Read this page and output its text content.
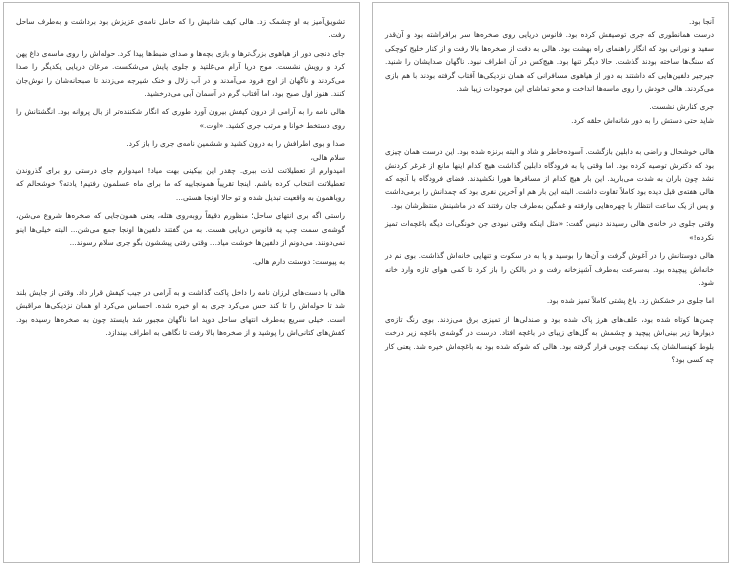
تشویق‌آمیز به او چشمک زد. هالی کیف شانیش را که حامل نامه‌ی عزیزش بود برداشت و به‌طرف ساحل رفت.

جای دنجی دور از هیاهوی بزرگ‌ترها و بازی بچه‌ها و صدای ضبط‌ها پیدا کرد. حوله‌اش را روی ماسه‌ی داغ پهن کرد و رویش نشست. موج دریا آرام می‌غلتید و جلوی پایش می‌شکست. مرغان دریایی یکدیگر را صدا می‌کردند و ناگهان از اوج فرود می‌آمدند و در آب زلال و خنک شیرجه می‌زدند تا صبحانه‌شان را نوش‌جان کنند. هنوز اول صبح بود، اما آفتاب گرم در آسمان آبی می‌درخشید.

هالی نامه را به آرامی از درون کیفش بیرون آورد طوری که انگار شکننده‌تر از بال پروانه بود. انگشتانش را روی دستخط خوانا و مرتب جری کشید. «اوت.»

صدا و بوی اطرافش را به درون کشید و ششمین نامه‌ی جری را باز کرد.

سلام هالی،

امیدوارم از تعطیلاتت لذت ببری. چقدر این بیکینی بهت میاد! امیدوارم جای درستی رو برای گذروندن تعطیلاتت انتخاب کرده باشم. اینجا تقریباً همونجاییه که ما برای ماه عسلمون رفتیم! یادته؟ خوشحالم که رویاهمون به واقعیت تبدیل شده و تو حالا اونجا هستی...

راستی اگه بری انتهای ساحل؛ منظورم دقیقاً روبه‌روی هتله، یعنی همون‌جایی که صخره‌ها شروع می‌شن، گوشه‌ی سمت چپ یه فانوس دریایی هست. به من گفتند دلفین‌ها اونجا جمع می‌شن... البته خیلی‌ها اینو نمی‌دونند. می‌دونم از دلفین‌ها خوشت میاد... وقتی رفتی پیششون بگو جری سلام رسوند...

به پیوست: دوستت دارم هالی.

هالی با دست‌های لرزان نامه را داخل پاکت گذاشت و به آرامی در جیب کیفش قرار داد. وقتی از جایش بلند شد تا حوله‌اش را تا کند حس می‌کرد جری به او خیره شده. احساس می‌کرد او همان نزدیکی‌ها مراقبش است. خیلی سریع به‌طرف انتهای ساحل دوید اما ناگهان مجبور شد بایستد چون به صخره‌ها رسیده بود. کفش‌های کتانی‌اش را پوشید و از صخره‌ها بالا رفت تا نگاهی به اطراف بیندازد.

آنجا بود.

درست همانطوری که جری توصیفش کرده بود. فانوس دریایی روی صخره‌ها سر برافراشته بود و آن‌قدر سفید و نورانی بود که انگار راهنمای راه بهشت بود. هالی به دقت از صخره‌ها بالا رفت و از کنار خلیج کوچکی که سنگ‌ها ساخته بودند گذشت. حالا دیگر تنها بود. هیچ‌کس در آن اطراف نبود. ناگهان صدایشان را شنید. جیرجیر دلفین‌هایی که داشتند به دور از هیاهوی مسافرانی که همان نزدیکی‌ها آفتاب گرفته بودند با هم بازی می‌کردند. هالی خودش را روی ماسه‌ها انداخت و محو تماشای این موجودات زیبا شد.

جری کنارش نشست.

شاید حتی دستش را به دور شانه‌اش حلقه کرد.

هالی خوشحال و راضی به دابلین بازگشت. آسوده‌خاطر و شاد و البته برنزه شده بود. این درست همان چیزی بود که دکترش توصیه کرده بود. اما وقتی پا به فرودگاه دابلین گذاشت هیچ کدام اینها مانع از غرغر کردنش نشد چون باران به شدت می‌بارید. این بار هیچ کدام از مسافرها هورا نکشیدند. فضای فرودگاه با آنچه که هالی هفته‌ی قبل دیده بود کاملاً تفاوت داشت. البته این بار هم او آخرین نفری بود که چمدانش را برمی‌داشت و پس از یک ساعت انتظار با چهره‌هایی وارفته و غمگین به‌طرف جان رفتند که در ماشینش منتظرشان بود.

وقتی جلوی در خانه‌ی هالی رسیدند دنیس گفت: «مثل اینکه وقتی نبودی جن خونگی‌ات دیگه باغچه‌ات تمیز نکرده!»

هالی دوستانش را در آغوش گرفت و آن‌ها را بوسید و پا به در سکوت و تنهایی خانه‌اش گذاشت. بوی نم در خانه‌اش پیچیده بود. به‌سرعت به‌طرف آشپزخانه رفت و در بالکن را باز کرد تا کمی هوای تازه وارد خانه شود.

اما جلوی در خشکش زد. باغ پشتی کاملاً تمیز شده بود.

چمن‌ها کوتاه شده بود، علف‌های هرز پاک شده بود و صندلی‌ها از تمیزی برق می‌زدند. بوی رنگ تازه‌ی دیوارها زیر بینی‌اش پیچید و چشمش به گل‌های زیبای در باغچه افتاد. درست در گوشه‌ی باغچه زیر درخت بلوط کهنسالشان یک نیمکت چوبی قرار گرفته بود. هالی که شوکه شده بود به باغچه‌اش خیره شد. یعنی کار چه کسی بود؟
